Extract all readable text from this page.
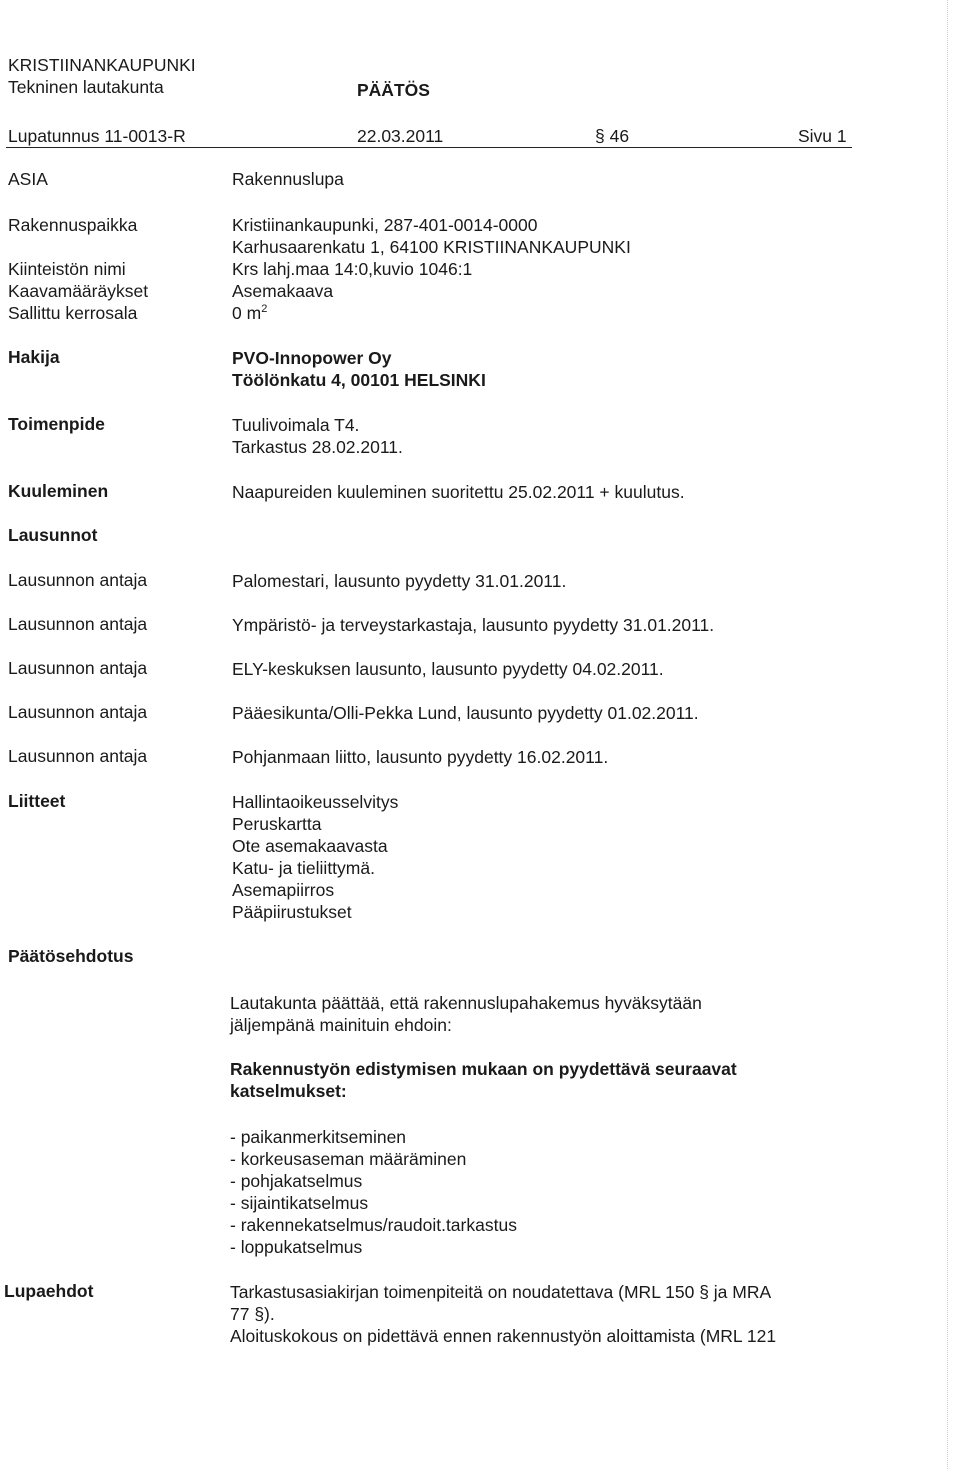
KRISTIINANKAUPUNKI
Tekninen lautakunta	PÄÄTÖS
Lupatunnus 11-0013-R	22.03.2011	§ 46	Sivu 1
ASIA	Rakennuslupa
Rakennuspaikka	Kristiinankaupunki, 287-401-0014-0000
Karhusaarenkatu 1, 64100 KRISTIINANKAUPUNKI
Kiinteistön nimi	Krs lahj.maa 14:0,kuvio 1046:1
Kaavamääräykset	Asemakaava
Sallittu kerrosala	0 $m^2$
Hakija	PVO-Innopower Oy
Töölönkatu 4, 00101 HELSINKI
Toimenpide	Tuulivoimala T4.
Tarkastus 28.02.2011.
Kuuleminen	Naapureiden kuuleminen suoritettu 25.02.2011 + kuulutus.
Lausunnot
Lausunnon antaja	Palomestari, lausunto pyydetty 31.01.2011.
Lausunnon antaja	Ympäristö- ja terveystarkastaja, lausunto pyydetty 31.01.2011.
Lausunnon antaja	ELY-keskuksen lausunto, lausunto pyydetty 04.02.2011.
Lausunnon antaja	Pääesikunta/Olli-Pekka Lund, lausunto pyydetty 01.02.2011.
Lausunnon antaja	Pohjanmaan liitto, lausunto pyydetty 16.02.2011.
Liitteet	Hallintaoikeusselvitys
Peruskartta
Ote asemakaavasta
Katu- ja tieliittymä.
Asemapiirros
Pääpiirustukset
Päätösehdotus
Lautakunta päättää, että rakennuslupahakemus hyväksytään
jäljempänä mainituin ehdoin:
Rakennustyön edistymisen mukaan on pyydettävä seuraavat
katselmukset:
- paikanmerkitseminen
- korkeusaseman määräminen
- pohjakatselmus
- sijaintikatselmus
- rakennekatselmus/raudoit.tarkastus
- loppukatselmus
Lupaehdot	Tarkastusasiakirjan toimenpiteitä on noudatettava (MRL 150 § ja MRA
77 §).
Aloituskokous on pidettävä ennen rakennustyön aloittamista (MRL 121
